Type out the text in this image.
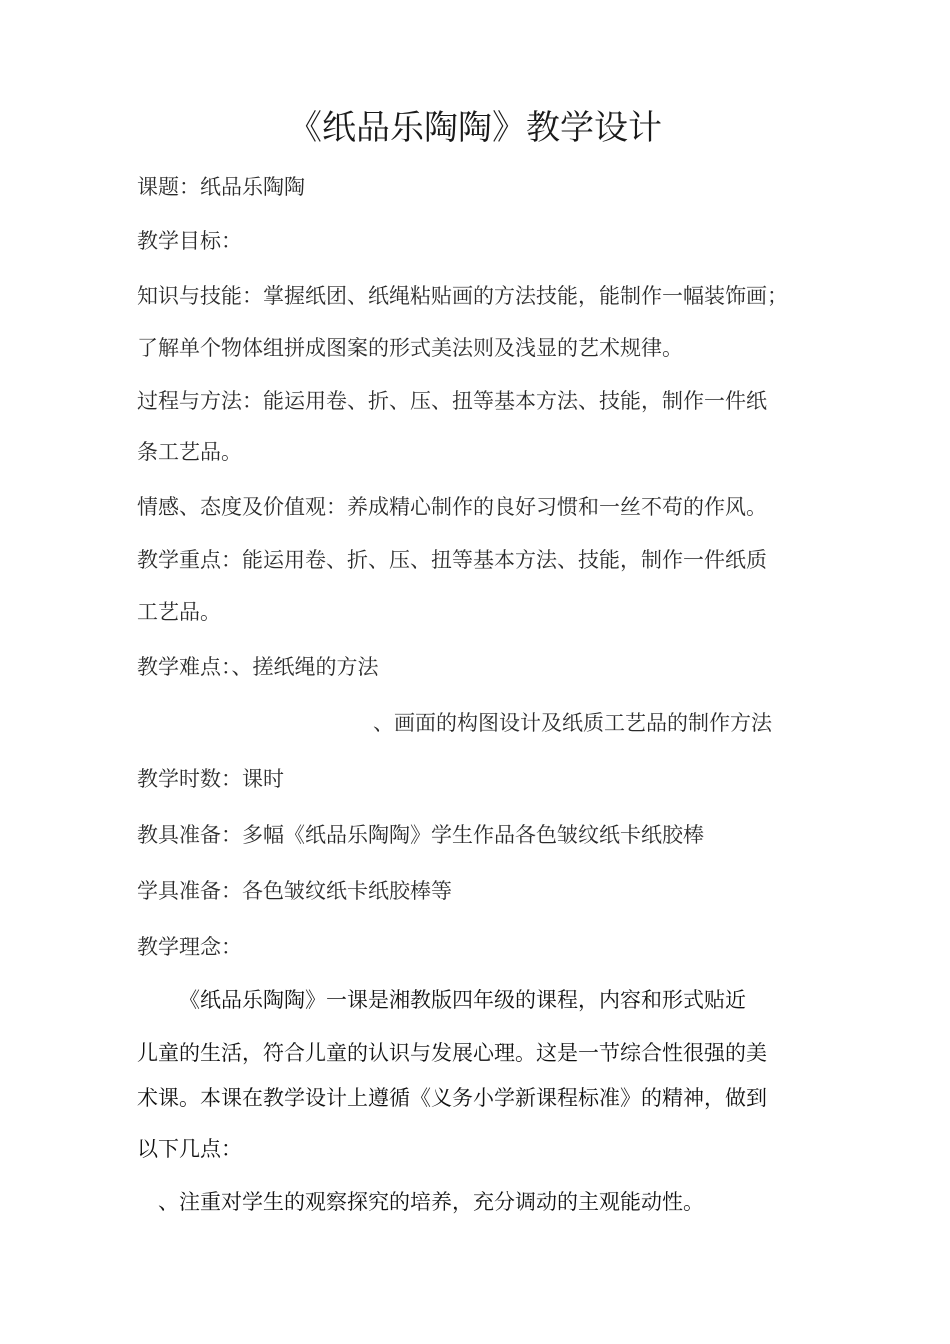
《纸品乐陶陶》教学设计
课题：纸品乐陶陶
教学目标：
知识与技能：掌握纸团、纸绳粘贴画的方法技能，能制作一幅装饰画；
了解单个物体组拼成图案的形式美法则及浅显的艺术规律。
过程与方法：能运用卷、折、压、扭等基本方法、技能，制作一件纸
条工艺品。
情感、态度及价值观：养成精心制作的良好习惯和一丝不苟的作风。
教学重点：能运用卷、折、压、扭等基本方法、技能，制作一件纸质
工艺品。
教学难点：、搓纸绳的方法
、画面的构图设计及纸质工艺品的制作方法
教学时数：课时
教具准备：多幅《纸品乐陶陶》学生作品各色皱纹纸卡纸胶棒
学具准备：各色皱纹纸卡纸胶棒等
教学理念：
《纸品乐陶陶》一课是湘教版四年级的课程，内容和形式贴近
儿童的生活，符合儿童的认识与发展心理。这是一节综合性很强的美
术课。本课在教学设计上遵循《义务小学新课程标准》的精神，做到
以下几点：
、注重对学生的观察探究的培养，充分调动的主观能动性。
